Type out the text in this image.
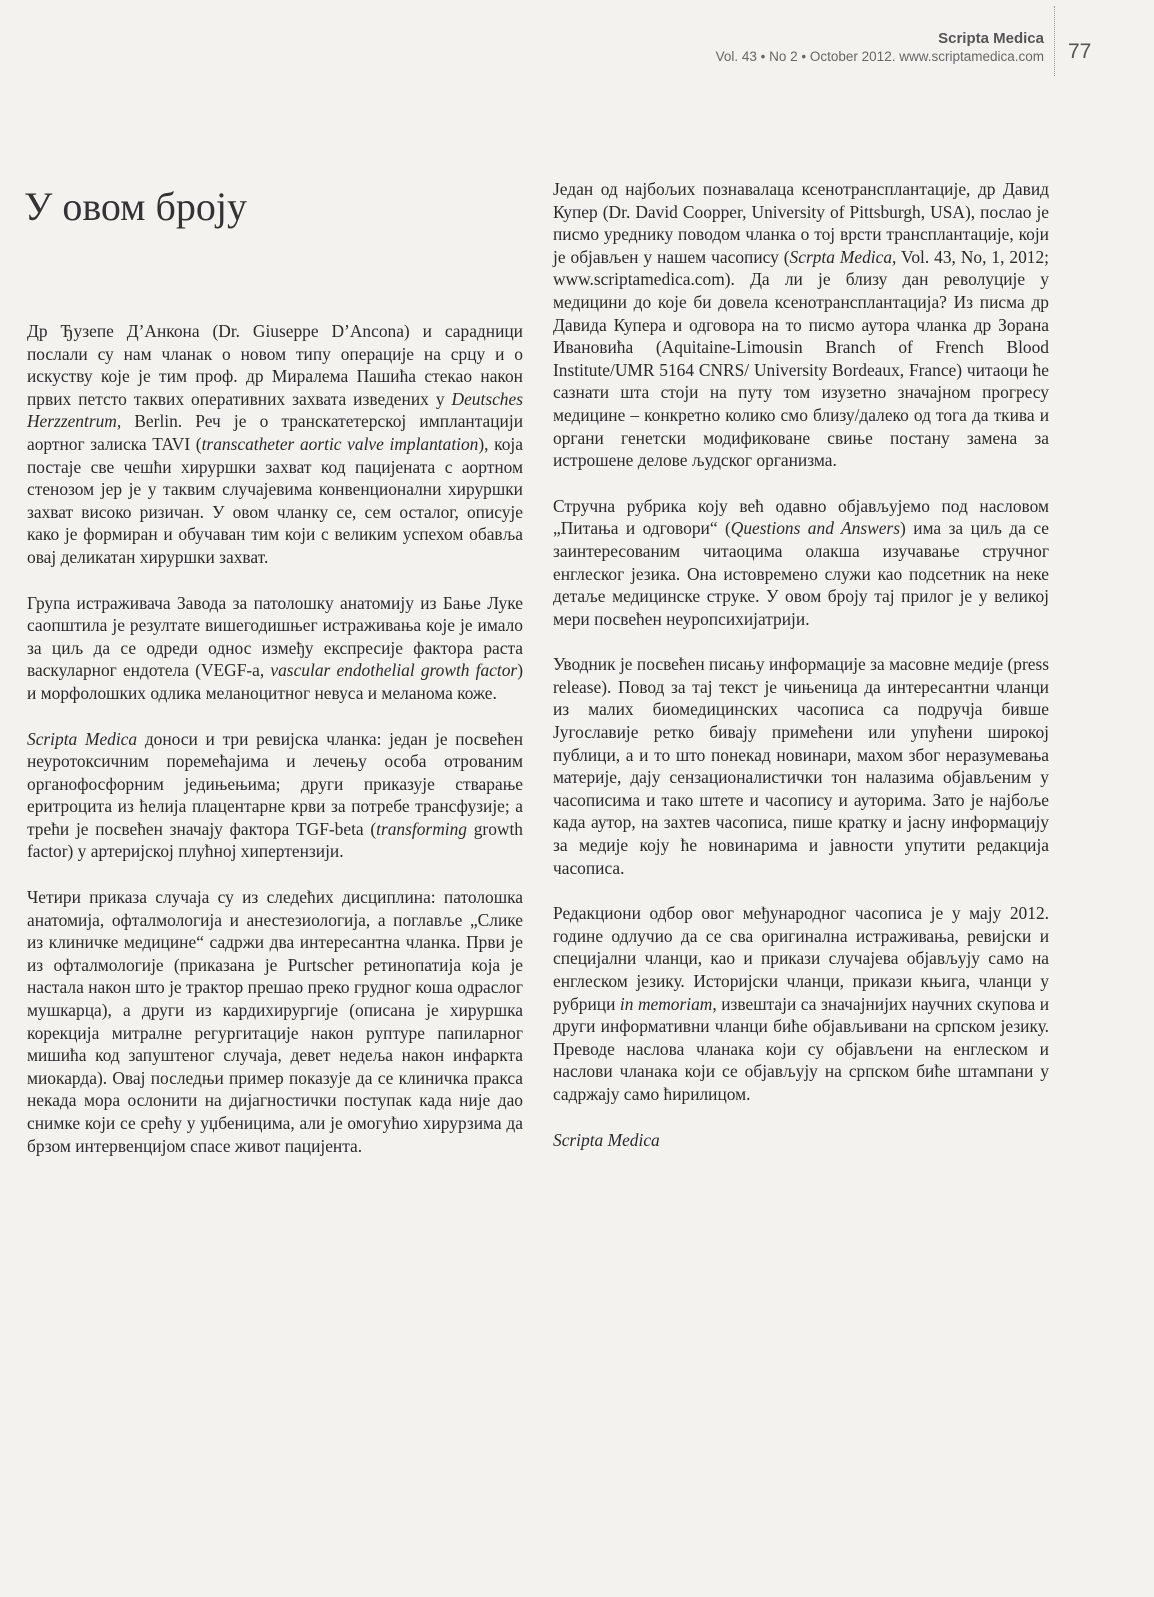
Scripta Medica
Vol. 43 • No 2 • October 2012. www.scriptamedica.com 77
У овом броју

Др Ђузепе Д’Анкона (Dr. Giuseppe D’Ancona) и сарадници послали су нам чланак о новом типу операције на срцу и о искуству које је тим проф. др Миралема Пашића стекао након првих петсто таквих оперативних захвата изведених у Deutsches Herzzentrum, Berlin. Реч је о транскатетерској имплантацији аортног залиска TAVI (transcatheter aortic valve implantation), која постаје све чешћи хируршки захват код пацијената с аортном стенозом јер је у таквим случајевима конвенционални хируршки захват високо ризичан. У овом чланку се, сем осталог, описује како је формиран и обучаван тим који с великим успехом обавља овај деликатан хируршки захват.

Група истраживача Завода за патолошку анатомију из Бање Луке саопштила је резултате вишегодишњег истраживања које је имало за циљ да се одреди однос између експресије фактора раста васкуларног ендотела (VEGF-а, vascular endothelial growth factor) и морфолошких одлика меланоцитног невуса и меланома коже.

Scripta Medica доноси и три ревијска чланка: један је посвећен неуротоксичним поремећајима и лечењу особа отрованим органофосфорним једињењима; други приказује стварање еритроцита из ћелија плацентарне крви за потребе трансфузије; а трећи је посвећен значају фактора TGF-beta (transforming growth factor) у артеријској плућној хипертензији.

Четири приказа случаја су из следећих дисциплина: патолошка анатомија, офталмологија и анестезиологија, а поглавље „Слике из клиничке медицине“ садржи два интересантна чланка. Први је из офталмологије (приказана је Purtscher ретинопатија која је настала након што је трактор прешао преко грудног коша одраслог мушкарца), а други из кардихирургије (описана је хируршка корекција митралне регургитације након руптуре папиларног мишића код запуштеног случаја, девет недеља након инфаркта миокарда). Овај последњи пример показује да се клиничка пракса некада мора ослонити на дијагностички поступак када није дао снимке који се срећу у уџбеницима, али је омогућио хирурзима да брзом интервенцијом спасе живот пацијента.

Један од најбољих познавалаца ксенотрансплантације, др Давид Купер (Dr. David Coopper, University of Pittsburgh, USA), послао је писмо уреднику поводом чланка о тој врсти трансплантације, који је објављен у нашем часопису (Scrpta Medica, Vol. 43, No, 1, 2012; www.scriptamedica.com). Да ли је близу дан револуције у медицини до које би довела ксенотрансплантација? Из писма др Давида Купера и одговора на то писмо аутора чланка др Зорана Ивановића (Aquitaine-Limousin Branch of French Blood Institute/UMR 5164 CNRS/ University Bordeaux, France) читаоци ће сазнати шта стоји на путу том изузетно значајном прогресу медицине – конкретно колико смо близу/далеко од тога да ткива и органи генетски модификоване свиње постану замена за истрошене делове људског организма.

Стручна рубрика коју већ одавно објављујемо под насловом „Питања и одговори“ (Questions and Answers) има за циљ да се заинтересованим читаоцима олакша изучавање стручног енглеског језика. Она истовремено служи као подсетник на неке детаље медицинске струке. У овом броју тај прилог је у великој мери посвећен неуропсихијатрији.

Уводник је посвећен писању информације за масовне медије (press release). Повод за тај текст је чињеница да интересантни чланци из малих биомедицинских часописа са подручја бивше Југославије ретко бивају примећени или упућени широкој публици, а и то што понекад новинари, махом због неразумевања материје, дају сензационалистички тон налазима објављеним у часописима и тако штете и часопису и ауторима. Зато је најбоље када аутор, на захтев часописа, пише кратку и јасну информацију за медије коју ће новинарима и јавности упутити редакција часописа.

Редакциони одбор овог међународног часописа је у мају 2012. године одлучио да се сва оригинална истраживања, ревијски и специјални чланци, као и прикази случајева објављују само на енглеском језику. Историјски чланци, прикази књига, чланци у рубрици in memoriam, извештаји са значајнијих научних скупова и други информативни чланци биће објављивани на српском језику. Преводе наслова чланака који су објављени на енглеском и наслови чланака који се објављују на српском биће штампани у садржају само ћирилицом.

Scripta Medica
